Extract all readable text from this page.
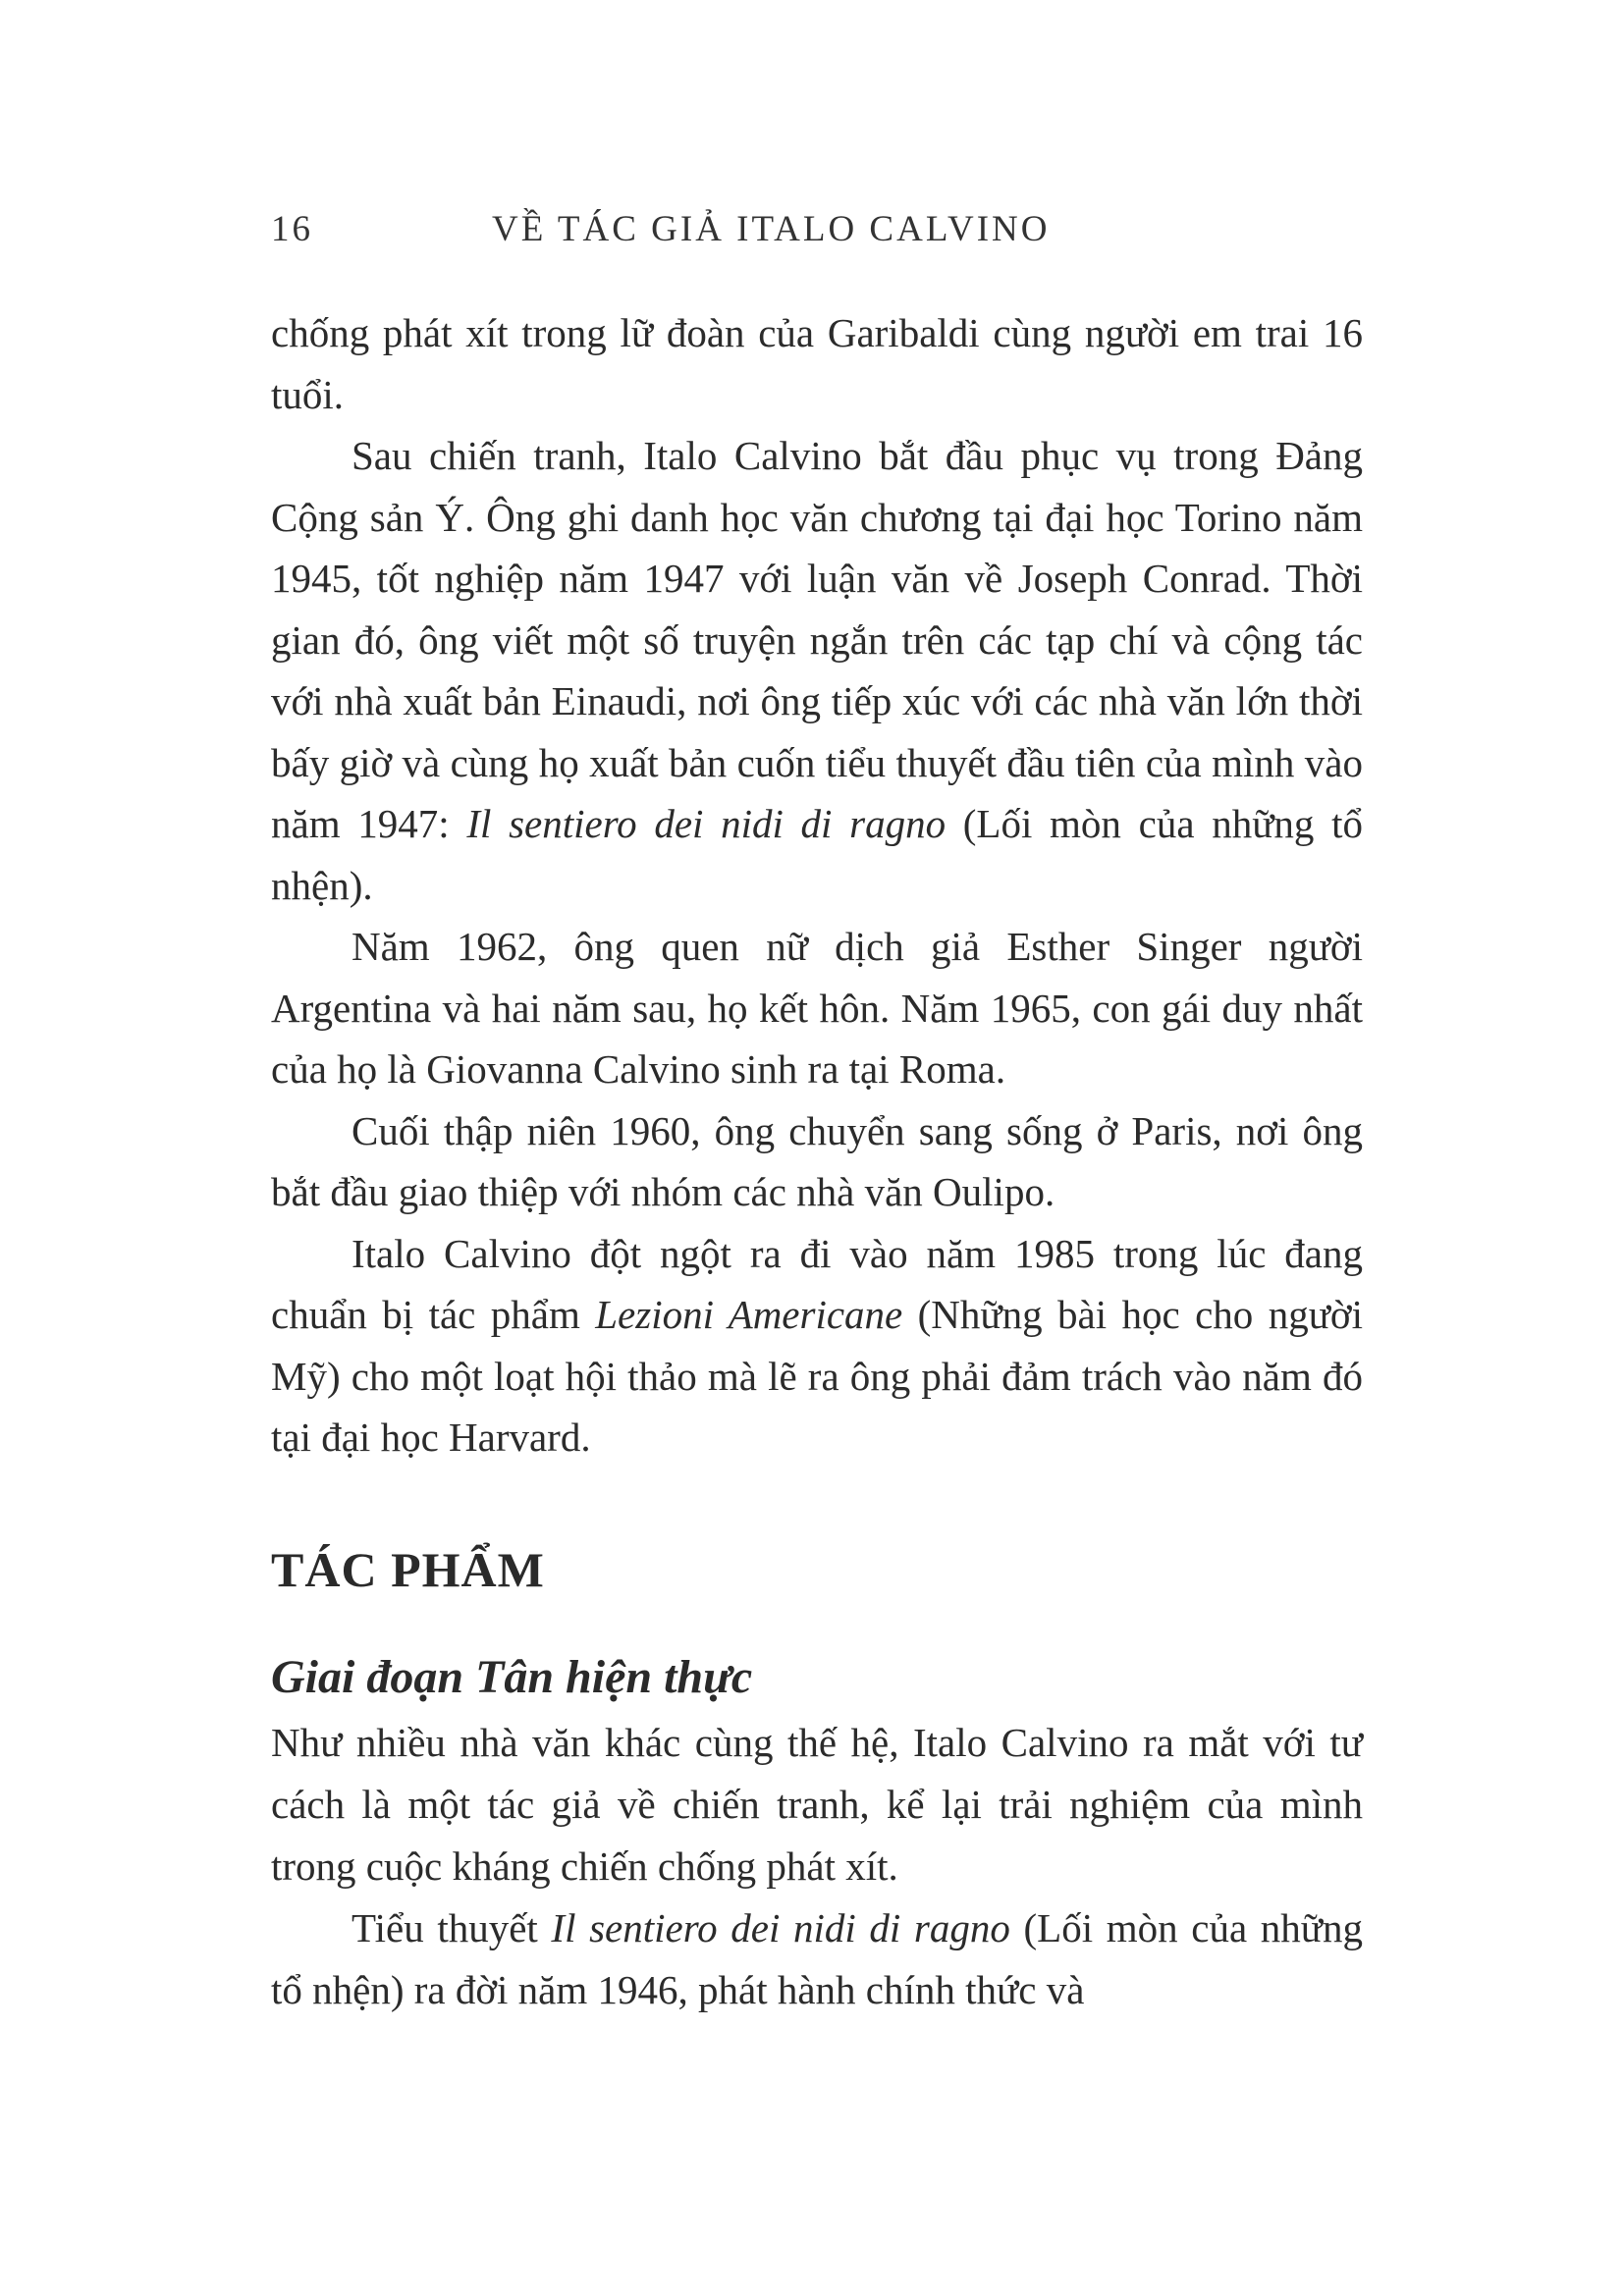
16	VỀ TÁC GIẢ ITALO CALVINO

chống phát xít trong lữ đoàn của Garibaldi cùng người em trai 16 tuổi.

Sau chiến tranh, Italo Calvino bắt đầu phục vụ trong Đảng Cộng sản Ý. Ông ghi danh học văn chương tại đại học Torino năm 1945, tốt nghiệp năm 1947 với luận văn về Joseph Conrad. Thời gian đó, ông viết một số truyện ngắn trên các tạp chí và cộng tác với nhà xuất bản Einaudi, nơi ông tiếp xúc với các nhà văn lớn thời bấy giờ và cùng họ xuất bản cuốn tiểu thuyết đầu tiên của mình vào năm 1947: Il sentiero dei nidi di ragno (Lối mòn của những tổ nhện).

Năm 1962, ông quen nữ dịch giả Esther Singer người Argentina và hai năm sau, họ kết hôn. Năm 1965, con gái duy nhất của họ là Giovanna Calvino sinh ra tại Roma.

Cuối thập niên 1960, ông chuyển sang sống ở Paris, nơi ông bắt đầu giao thiệp với nhóm các nhà văn Oulipo.

Italo Calvino đột ngột ra đi vào năm 1985 trong lúc đang chuẩn bị tác phẩm Lezioni Americane (Những bài học cho người Mỹ) cho một loạt hội thảo mà lẽ ra ông phải đảm trách vào năm đó tại đại học Harvard.

TÁC PHẨM
Giai đoạn Tân hiện thực

Như nhiều nhà văn khác cùng thế hệ, Italo Calvino ra mắt với tư cách là một tác giả về chiến tranh, kể lại trải nghiệm của mình trong cuộc kháng chiến chống phát xít.

Tiểu thuyết Il sentiero dei nidi di ragno (Lối mòn của những tổ nhện) ra đời năm 1946, phát hành chính thức và
